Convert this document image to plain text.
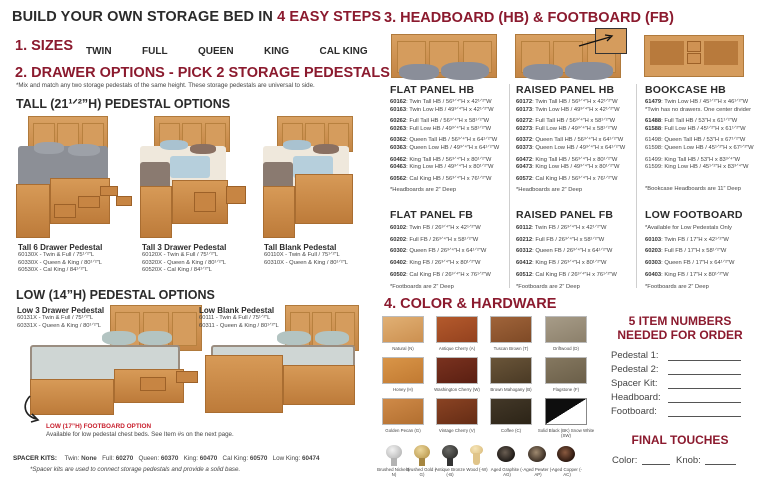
BUILD YOUR OWN STORAGE BED IN 4 EASY STEPS
1. SIZES TWIN	FULL	QUEEN	KING	CAL KING
2. DRAWER OPTIONS - PICK 2 STORAGE PEDESTALS
*Mix and match any two storage pedestals of the same height. These storage pedestals are universal to side.
TALL (21¹ᐟ²”H) PEDESTAL OPTIONS
Tall 6 Drawer Pedestal
60130X - Twin & Full / 75¹ᐟ²”L
60330X - Queen & King / 80¹ᐟ²”L
60530X - Cal King / 84¹ᐟ²”L
Tall 3 Drawer Pedestal
60120X - Twin & Full / 75¹ᐟ²”L
60320X - Queen & King / 80¹ᐟ²”L
60520X - Cal King / 84¹ᐟ²”L
Tall Blank Pedestal
60110X - Twin & Full / 75¹ᐟ²”L
60310X - Queen & King / 80¹ᐟ²”L
LOW (14”H) PEDESTAL OPTIONS
Low 3 Drawer Pedestal
60131X - Twin & Full / 75¹ᐟ²”L
60331X - Queen & King / 80¹ᐟ²”L
Low Blank Pedestal
60111 - Twin & Full / 75¹ᐟ²”L
60311 - Queen & King / 80¹ᐟ²”L
LOW (17”H) FOOTBOARD OPTION
Available for low pedestal chest beds. See Item #s on the next page.
SPACER KITS: Twin: None Full: 60270 Queen: 60370 King: 60470 Cal King: 60570 Low King: 60474
*Spacer kits are used to connect storage pedestals and provide a solid base.
3. HEADBOARD (HB) & FOOTBOARD (FB)
FLAT PANEL HB
60162: Twin Tall HB / 56³ᐟ⁴”H x 42¹ᐟ²”W
60163: Twin Low HB / 49³ᐟ⁴”H x 42¹ᐟ²”W
60262: Full Tall HB / 56³ᐟ⁴”H x 58¹ᐟ²”W
60263: Full Low HB / 49³ᐟ⁴”H x 58¹ᐟ²”W
60362: Queen Tall HB / 56³ᐟ⁴”H x 64¹ᐟ²”W
60363: Queen Low HB / 49³ᐟ⁴”H x 64¹ᐟ²”W
60462: King Tall HB / 56³ᐟ⁴”H x 80¹ᐟ²”W
60463: King Low HB / 49³ᐟ⁴”H x 80¹ᐟ²”W
60562: Cal King HB / 56³ᐟ⁴”H x 76¹ᐟ²”W
*Headboards are 2” Deep
RAISED PANEL HB
60172: Twin Tall HB / 56³ᐟ⁴”H x 42¹ᐟ²”W
60173: Twin Low HB / 49³ᐟ⁴”H x 42¹ᐟ²”W
60272: Full Tall HB / 56³ᐟ⁴”H x 58¹ᐟ²”W
60273: Full Low HB / 49³ᐟ⁴”H x 58¹ᐟ²”W
60372: Queen Tall HB / 56³ᐟ⁴”H x 64¹ᐟ²”W
60373: Queen Low HB / 49³ᐟ⁴”H x 64¹ᐟ²”W
60472: King Tall HB / 56³ᐟ⁴”H x 80¹ᐟ²”W
60473: King Low HB / 49³ᐟ⁴”H x 80¹ᐟ²”W
60572: Cal King HB / 56³ᐟ⁴”H x 76¹ᐟ²”W
*Headboards are 2” Deep
BOOKCASE HB
61479: Twin Low HB / 45¹ᐟ²”H x 46¹ᐟ²”W
*Twin has no drawers. One center divider
61488: Full Tall HB / 53”H x 61¹ᐟ²”W
61588: Full Low HB / 45¹ᐟ²”H x 61¹ᐟ²”W
61498: Queen Tall HB / 53”H x 67¹ᐟ²”W
61598: Queen Low HB / 45¹ᐟ²”H x 67¹ᐟ²”W
61499: King Tall HB / 53”H x 83³ᐟ⁴”W
61599: King Low HB / 45¹ᐟ²”H x 83³ᐟ⁴”W
*Bookcase Headboards are 11” Deep
FLAT PANEL FB
60102: Twin FB / 26³ᐟ⁴”H x 42¹ᐟ²”W
60202: Full FB / 26³ᐟ⁴”H x 58¹ᐟ²”W
60302: Queen FB / 26³ᐟ⁴”H x 64¹ᐟ²”W
60402: King FB / 26³ᐟ⁴”H x 80¹ᐟ²”W
60502: Cal King FB / 26³ᐟ⁴”H x 76¹ᐟ²”W
*Footboards are 2” Deep
RAISED PANEL FB
60112: Twin FB / 26³ᐟ⁴”H x 42¹ᐟ²”W
60212: Full FB / 26³ᐟ⁴”H x 58¹ᐟ²”W
60312: Queen FB / 26³ᐟ⁴”H x 64¹ᐟ²”W
60412: King FB / 26³ᐟ⁴”H x 80¹ᐟ²”W
60512: Cal King FB / 26³ᐟ⁴”H x 76¹ᐟ²”W
*Footboards are 2” Deep
LOW FOOTBOARD
*Available for Low Pedestals Only
60103: Twin FB / 17”H x 42¹ᐟ²”W
60203: Full FB / 17”H x 58¹ᐟ²”W
60303: Queen FB / 17”H x 64¹ᐟ²”W
60403: King FB / 17”H x 80¹ᐟ²”W
*Footboards are 2” Deep
4. COLOR & HARDWARE
Natural (N)	Antique Cherry (A)	Tuscan Brown (T)	Driftwood (D)
Honey (H)	Washington Cherry (W)	Brown Mahogany (B)	Flagstone (F)
Golden Pecan (G)	Vintage Cherry (V)	Coffee (C)	Solid Black (BK) Snow White (SW)
Brushed Nickel (-N)
Brushed Gold (-G)
Antique Bronze (-B)
Wood (-W) Aged Graphite (-AG)
Aged Pewter (-AP)
Aged Copper (-AC)
5 ITEM NUMBERS
NEEDED FOR ORDER
Pedestal 1:
Pedestal 2:
Spacer Kit:
Headboard:
Footboard:
FINAL TOUCHES
Color:	Knob:
